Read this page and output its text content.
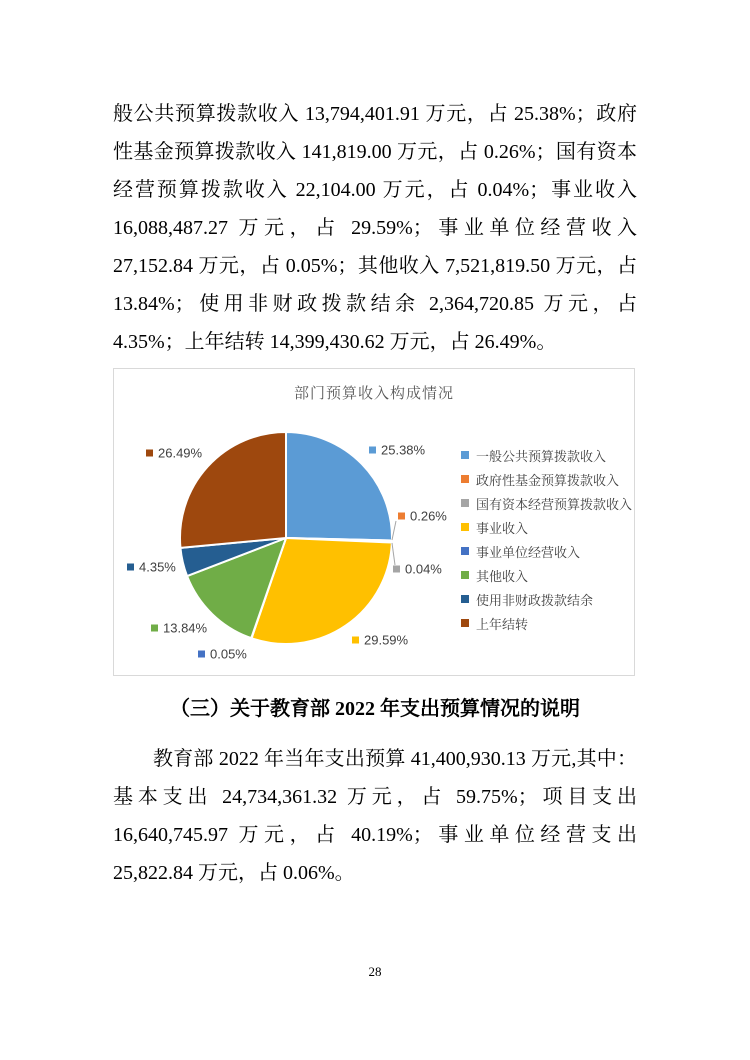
般公共预算拨款收入 13,794,401.91 万元，占 25.38%；政府性基金预算拨款收入 141,819.00 万元，占 0.26%；国有资本经营预算拨款收入 22,104.00 万元，占 0.04%；事业收入 16,088,487.27 万元，占 29.59%；事业单位经营收入 27,152.84 万元，占 0.05%；其他收入 7,521,819.50 万元，占 13.84%；使用非财政拨款结余 2,364,720.85 万元，占 4.35%；上年结转 14,399,430.62 万元，占 26.49%。

部门预算收入构成情况
25.38%
0.26%
0.04%
29.59%
0.05%
13.84%
4.35%
26.49%	一般公共预算拨款收入
政府性基金预算拨款收入
国有资本经营预算拨款收入
事业收入
事业单位经营收入
其他收入
使用非财政拨款结余
上年结转
（三）关于教育部 2022 年支出预算情况的说明

教育部 2022 年当年支出预算 41,400,930.13 万元,其中：基本支出 24,734,361.32 万元，占 59.75%；项目支出 16,640,745.97 万元，占 40.19%；事业单位经营支出 25,822.84 万元，占 0.06%。

28
